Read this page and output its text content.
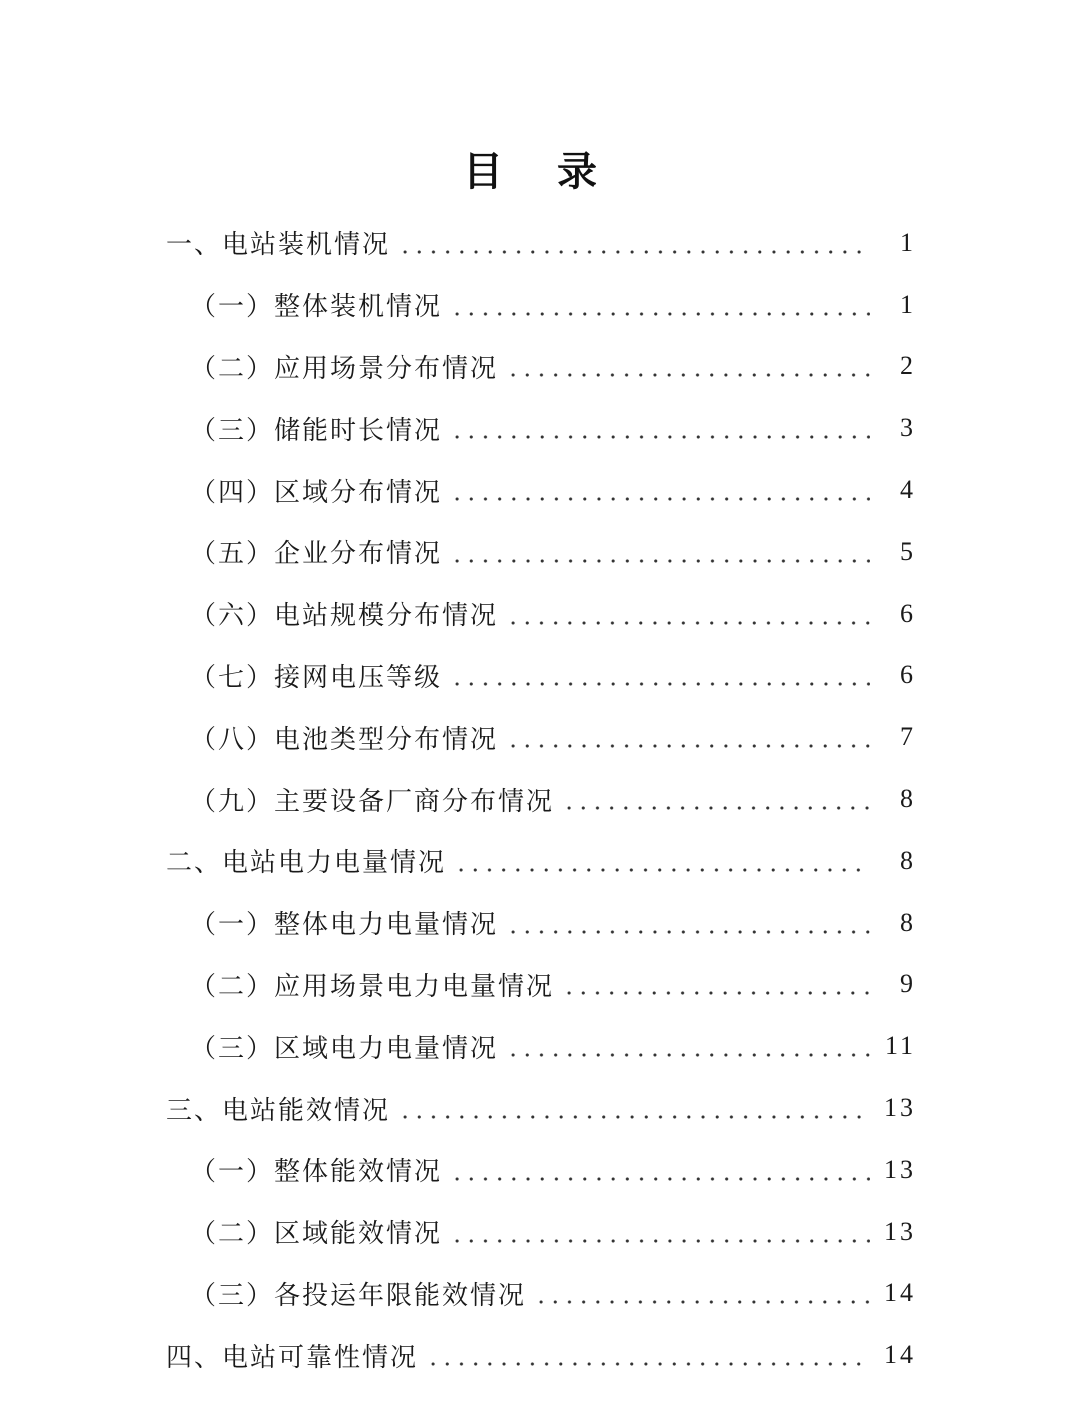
目 录
一、电站装机情况	1
（一）整体装机情况	1
（二）应用场景分布情况	2
（三）储能时长情况	3
（四）区域分布情况	4
（五）企业分布情况	5
（六）电站规模分布情况	6
（七）接网电压等级	6
（八）电池类型分布情况	7
（九）主要设备厂商分布情况	8
二、电站电力电量情况	8
（一）整体电力电量情况	8
（二）应用场景电力电量情况	9
（三）区域电力电量情况	11
三、电站能效情况	13
（一）整体能效情况	13
（二）区域能效情况	13
（三）各投运年限能效情况	14
四、电站可靠性情况	14
